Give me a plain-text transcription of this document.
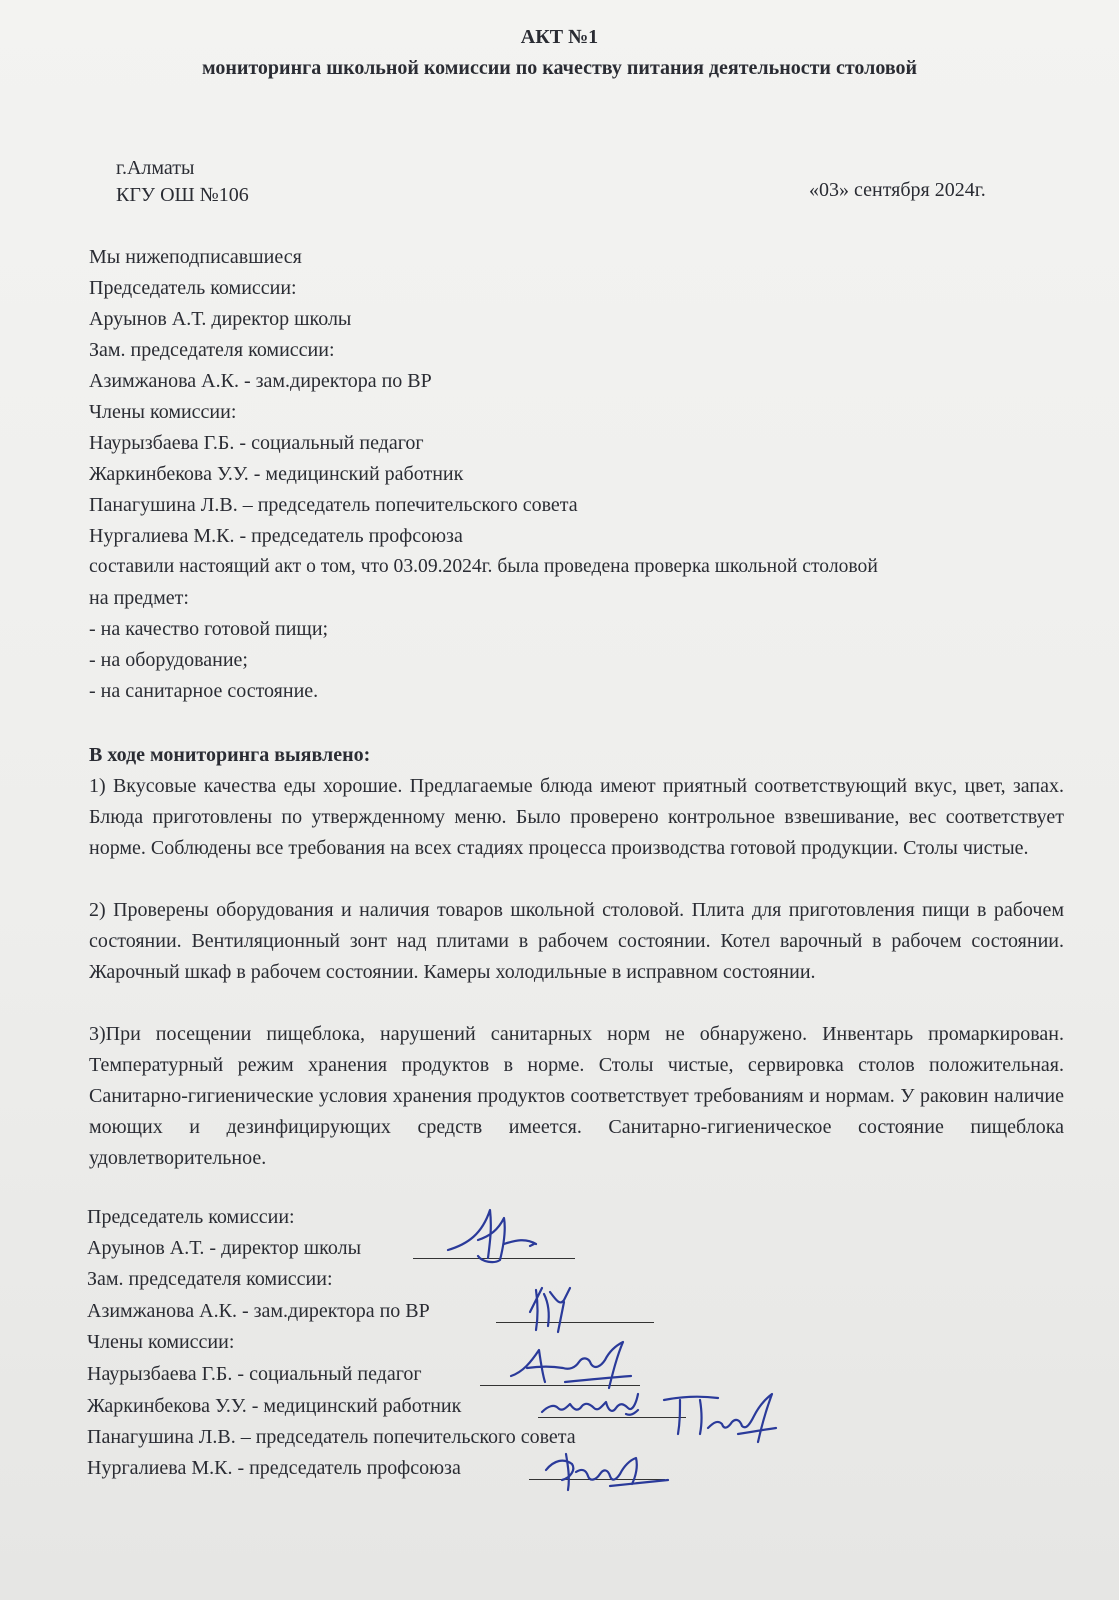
АКТ №1
мониторинга школьной комиссии по качеству питания деятельности столовой
г.Алматы
КГУ ОШ №106	«03» сентября 2024г.
Мы нижеподписавшиеся
Председатель комиссии:
Аруынов А.Т. директор школы
Зам. председателя комиссии:
Азимжанова А.К. - зам.директора по ВР
Члены комиссии:
Наурызбаева Г.Б. - социальный педагог
Жаркинбекова У.У. - медицинский работник
Панагушина Л.В. – председатель попечительского совета
Нургалиева М.К. - председатель профсоюза
составили настоящий акт о том, что 03.09.2024г. была проведена проверка школьной столовой
на предмет:
- на качество готовой пищи;
- на оборудование;
- на санитарное состояние.
В ходе мониторинга выявлено:
1) Вкусовые качества еды хорошие. Предлагаемые блюда имеют приятный соответствующий вкус, цвет, запах. Блюда приготовлены по утвержденному меню. Было проверено контрольное взвешивание, вес соответствует норме. Соблюдены все требования на всех стадиях процесса производства готовой продукции. Столы чистые.
2) Проверены оборудования и наличия товаров школьной столовой. Плита для приготовления пищи в рабочем состоянии. Вентиляционный зонт над плитами в рабочем состоянии. Котел варочный в рабочем состоянии. Жарочный шкаф в рабочем состоянии. Камеры холодильные в исправном состоянии.
3)При посещении пищеблока, нарушений санитарных норм не обнаружено. Инвентарь промаркирован. Температурный режим хранения продуктов в норме. Столы чистые, сервировка столов положительная. Санитарно-гигиенические условия хранения продуктов соответствует требованиям и нормам. У раковин наличие моющих и дезинфицирующих средств имеется. Санитарно-гигиеническое состояние пищеблока удовлетворительное.
Председатель комиссии:
Аруынов А.Т. - директор школы
Зам. председателя комиссии:
Азимжанова А.К. - зам.директора по ВР
Члены комиссии:
Наурызбаева Г.Б. - социальный педагог
Жаркинбекова У.У. - медицинский работник
Панагушина Л.В. – председатель попечительского совета
Нургалиева М.К. - председатель профсоюза
